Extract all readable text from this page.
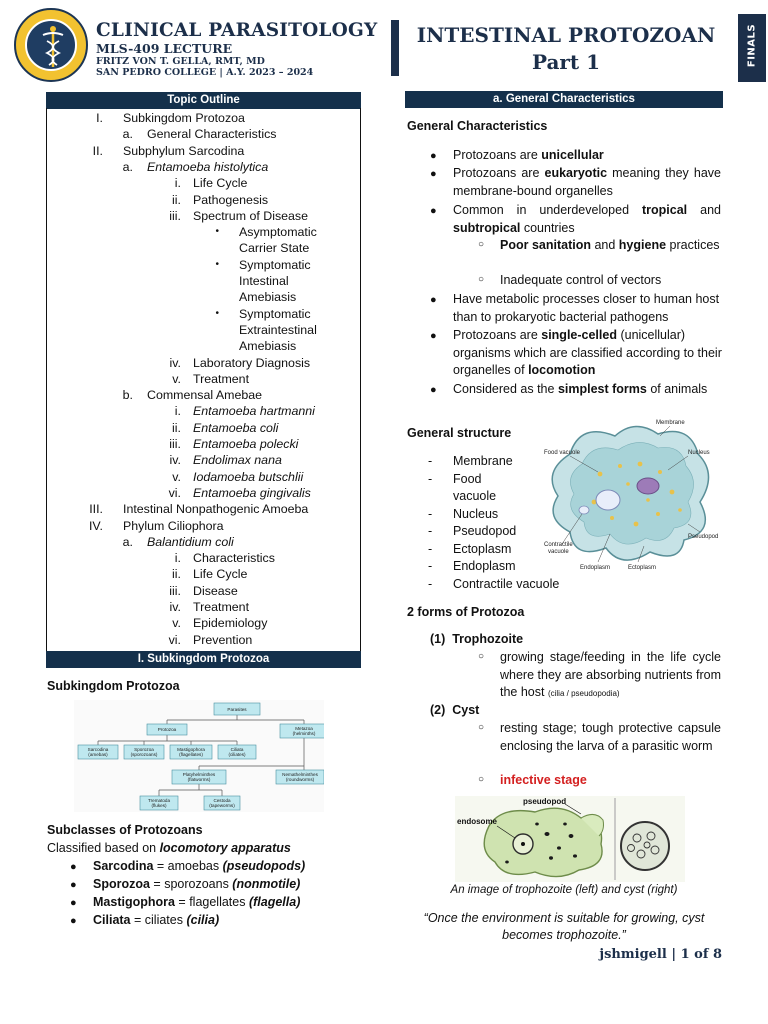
CLINICAL PARASITOLOGY
MLS-409 LECTURE
FRITZ VON T. GELLA, RMT, MD
SAN PEDRO COLLEGE | A.Y. 2023 – 2024
INTESTINAL PROTOZOAN
Part 1	FINALS
Topic Outline
I. Subkingdom Protozoa
a. General Characteristics
II. Subphylum Sarcodina
a. Entamoeba histolytica
i. Life Cycle
ii. Pathogenesis
iii. Spectrum of Disease
• Asymptomatic
Carrier State
• Symptomatic
Intestinal
Amebiasis
• Symptomatic
Extraintestinal
Amebiasis
iv. Laboratory Diagnosis
v. Treatment
b. Commensal Amebae
i. Entamoeba hartmanni
ii. Entamoeba coli
iii. Entamoeba polecki
iv. Endolimax nana
v. Iodamoeba butschlii
vi. Entamoeba gingivalis
III. Intestinal Nonpathogenic Amoeba
IV. Phylum Ciliophora
a. Balantidium coli
i. Characteristics
ii. Life Cycle
iii. Disease
iv. Treatment
v. Epidemiology
vi. Prevention
I. Subkingdom Protozoa
Subkingdom Protozoa
Parasites
Protozoa	Metazoa
(helminths)
Sarcodina
(amebas)
Sporozoa
(sporozoans)
Mastigophora
(flagellates)
Ciliata
(ciliates)
Platyhelminthes
(flatworms)
Nemathelminthes
(roundworms)
Trematoda
(flukes)
Cestoda
(tapeworms)
Subclasses of Protozoans
Classified based on locomotory apparatus
● Sarcodina = amoebas (pseudopods)
● Sporozoa = sporozoans (nonmotile)
● Mastigophora = flagellates (flagella)
● Ciliata = ciliates (cilia)
a. General Characteristics
General Characteristics
● Protozoans are unicellular
● Protozoans are eukaryotic meaning they have membrane-bound organelles
● Common in underdeveloped tropical and subtropical countries
○ Poor sanitation and hygiene practices
○ Inadequate control of vectors
● Have metabolic processes closer to human host than to prokaryotic bacterial pathogens
● Protozoans are single-celled (unicellular) organisms which are classified according to their organelles of locomotion
● Considered as the simplest forms of animals
General structure
- Membrane
- Food
vacuole
- Nucleus
- Pseudopod
- Ectoplasm
- Endoplasm
- Contractile vacuole
Membrane
Food vacuole	Nucleus
Pseudopod
Contractile
vacuole
Endoplasm	Ectoplasm
2 forms of Protozoa
(1) Trophozoite
○ growing stage/feeding in the life cycle where they are absorbing nutrients from the host (cilia / pseudopodia)
(2) Cyst
○ resting stage; tough protective capsule enclosing the larva of a parasitic worm
○ infective stage
pseudopod
endosome
An image of trophozoite (left) and cyst (right)
“Once the environment is suitable for growing, cyst becomes trophozoite.”
jshmigell | 1 of 8
